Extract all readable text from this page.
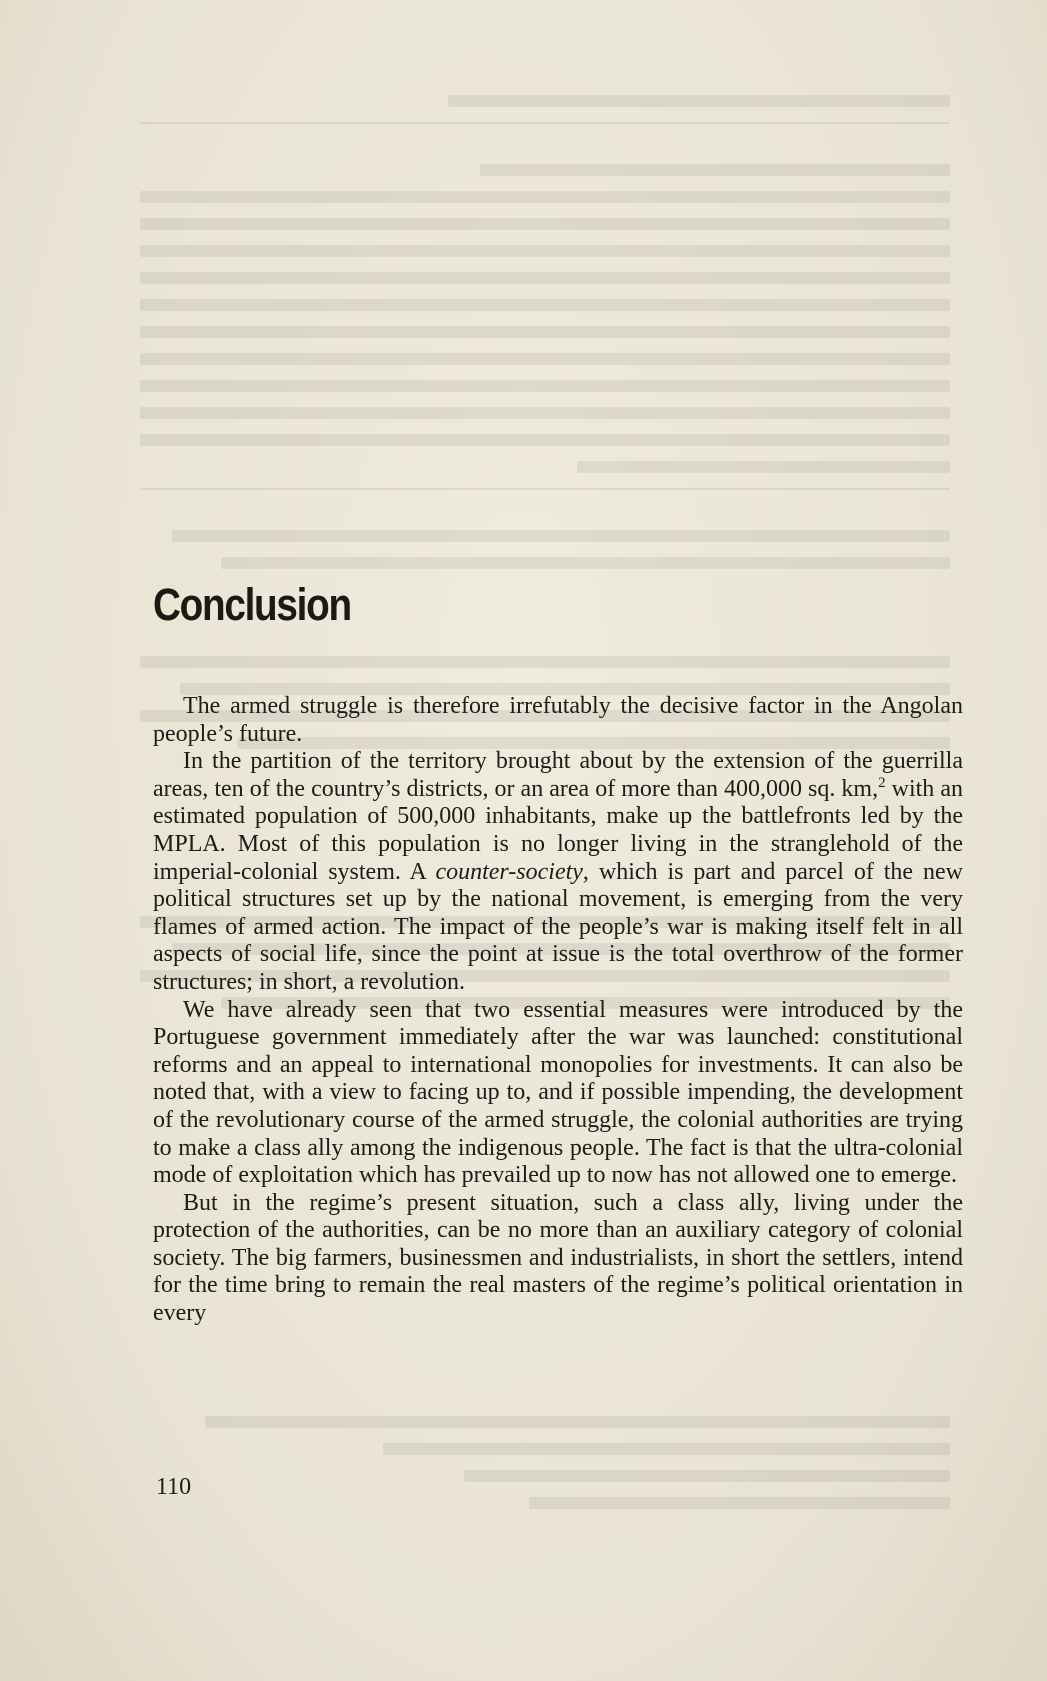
Conclusion

The armed struggle is therefore irrefutably the decisive factor in the Angolan people’s future.

In the partition of the territory brought about by the extension of the guerrilla areas, ten of the country’s districts, or an area of more than 400,000 sq. km,$^2$ with an estimated population of 500,000 inhabitants, make up the battlefronts led by the MPLA. Most of this population is no longer living in the stranglehold of the imperial-colonial system. A counter-society, which is part and parcel of the new political structures set up by the national movement, is emerging from the very flames of armed action. The impact of the people’s war is making itself felt in all aspects of social life, since the point at issue is the total overthrow of the former structures; in short, a revolution.

We have already seen that two essential measures were introduced by the Portuguese government immediately after the war was launched: constitutional reforms and an appeal to international monopolies for investments. It can also be noted that, with a view to facing up to, and if possible impending, the development of the revolutionary course of the armed struggle, the colonial authorities are trying to make a class ally among the indigenous people. The fact is that the ultra-colonial mode of exploitation which has prevailed up to now has not allowed one to emerge.

But in the regime’s present situation, such a class ally, living under the protection of the authorities, can be no more than an auxiliary category of colonial society. The big farmers, businessmen and industrialists, in short the settlers, intend for the time bring to remain the real masters of the regime’s political orientation in every

110
